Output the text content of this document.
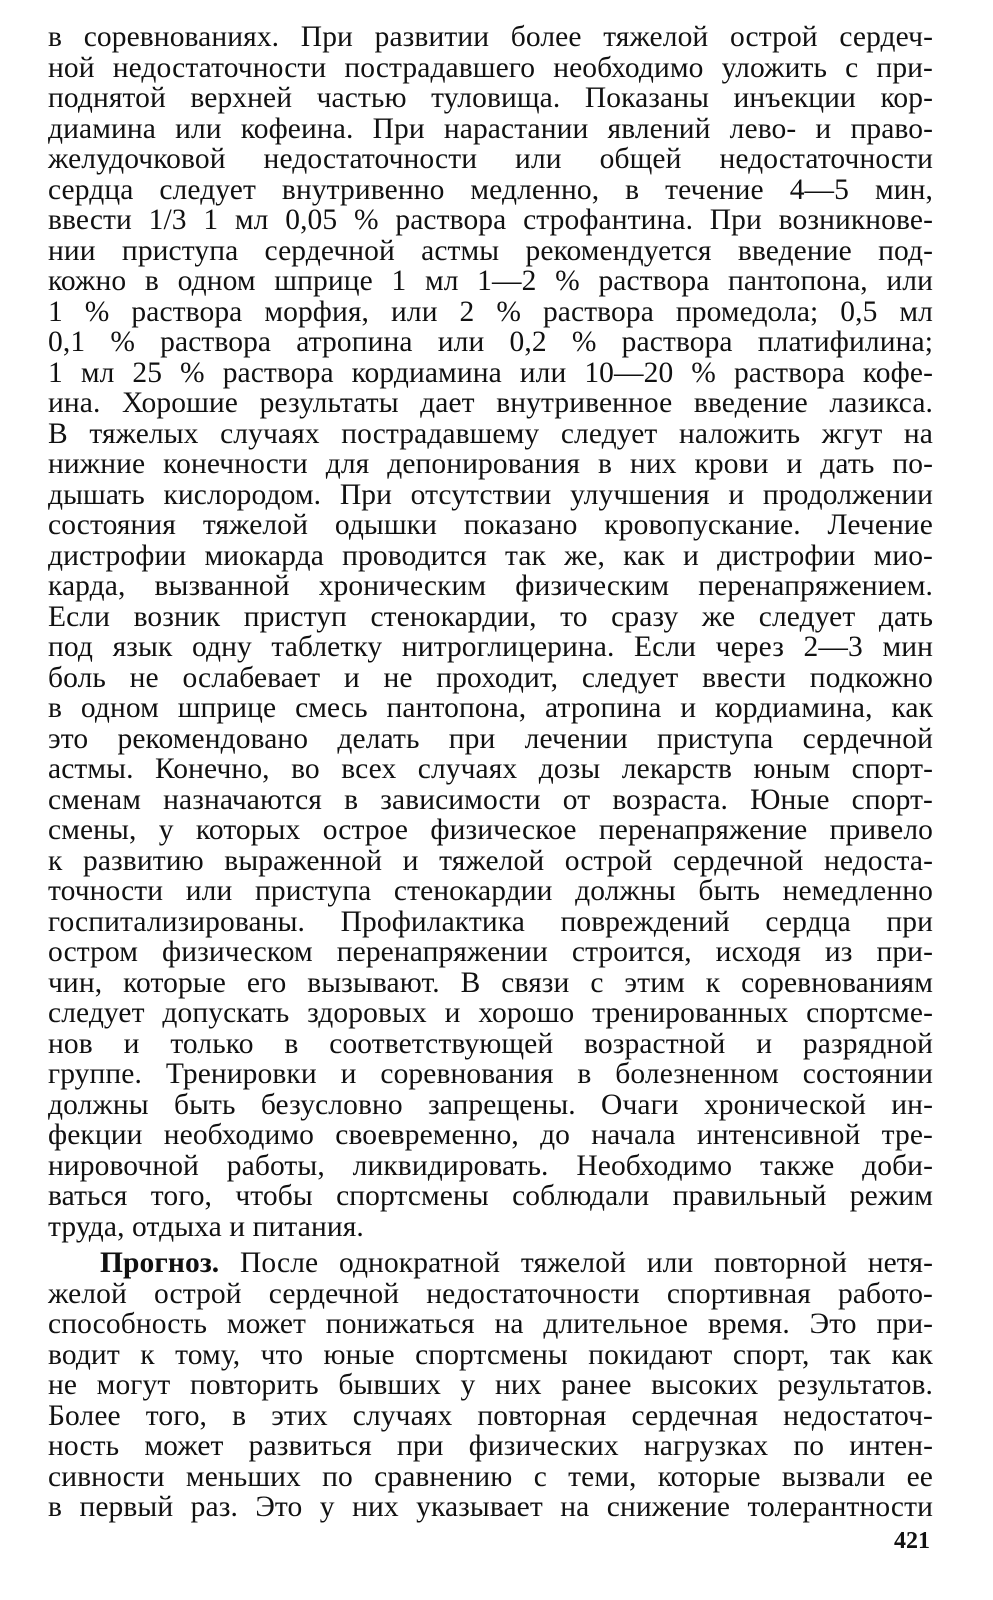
в соревнованиях. При развитии более тяжелой острой сердеч-
ной недостаточности пострадавшего необходимо уложить с при-
поднятой верхней частью туловища. Показаны инъекции кор-
диамина или кофеина. При нарастании явлений лево- и право-
желудочковой недостаточности или общей недостаточности
сердца следует внутривенно медленно, в течение 4—5 мин,
ввести 1/3 1 мл 0,05 % раствора строфантина. При возникнове-
нии приступа сердечной астмы рекомендуется введение под-
кожно в одном шприце 1 мл 1—2 % раствора пантопона, или
1 % раствора морфия, или 2 % раствора промедола; 0,5 мл
0,1 % раствора атропина или 0,2 % раствора платифилина;
1 мл 25 % раствора кордиамина или 10—20 % раствора кофе-
ина. Хорошие результаты дает внутривенное введение лазикса.
В тяжелых случаях пострадавшему следует наложить жгут на
нижние конечности для депонирования в них крови и дать по-
дышать кислородом. При отсутствии улучшения и продолжении
состояния тяжелой одышки показано кровопускание. Лечение
дистрофии миокарда проводится так же, как и дистрофии мио-
карда, вызванной хроническим физическим перенапряжением.
Если возник приступ стенокардии, то сразу же следует дать
под язык одну таблетку нитроглицерина. Если через 2—3 мин
боль не ослабевает и не проходит, следует ввести подкожно
в одном шприце смесь пантопона, атропина и кордиамина, как
это рекомендовано делать при лечении приступа сердечной
астмы. Конечно, во всех случаях дозы лекарств юным спорт-
сменам назначаются в зависимости от возраста. Юные спорт-
смены, у которых острое физическое перенапряжение привело
к развитию выраженной и тяжелой острой сердечной недоста-
точности или приступа стенокардии должны быть немедленно
госпитализированы. Профилактика повреждений сердца при
остром физическом перенапряжении строится, исходя из при-
чин, которые его вызывают. В связи с этим к соревнованиям
следует допускать здоровых и хорошо тренированных спортсме-
нов и только в соответствующей возрастной и разрядной
группе. Тренировки и соревнования в болезненном состоянии
должны быть безусловно запрещены. Очаги хронической ин-
фекции необходимо своевременно, до начала интенсивной тре-
нировочной работы, ликвидировать. Необходимо также доби-
ваться того, чтобы спортсмены соблюдали правильный режим
труда, отдыха и питания.
Прогноз. После однократной тяжелой или повторной нетя-
желой острой сердечной недостаточности спортивная работо-
способность может понижаться на длительное время. Это при-
водит к тому, что юные спортсмены покидают спорт, так как
не могут повторить бывших у них ранее высоких результатов.
Более того, в этих случаях повторная сердечная недостаточ-
ность может развиться при физических нагрузках по интен-
сивности меньших по сравнению с теми, которые вызвали ее
в первый раз. Это у них указывает на снижение толерантности
421
